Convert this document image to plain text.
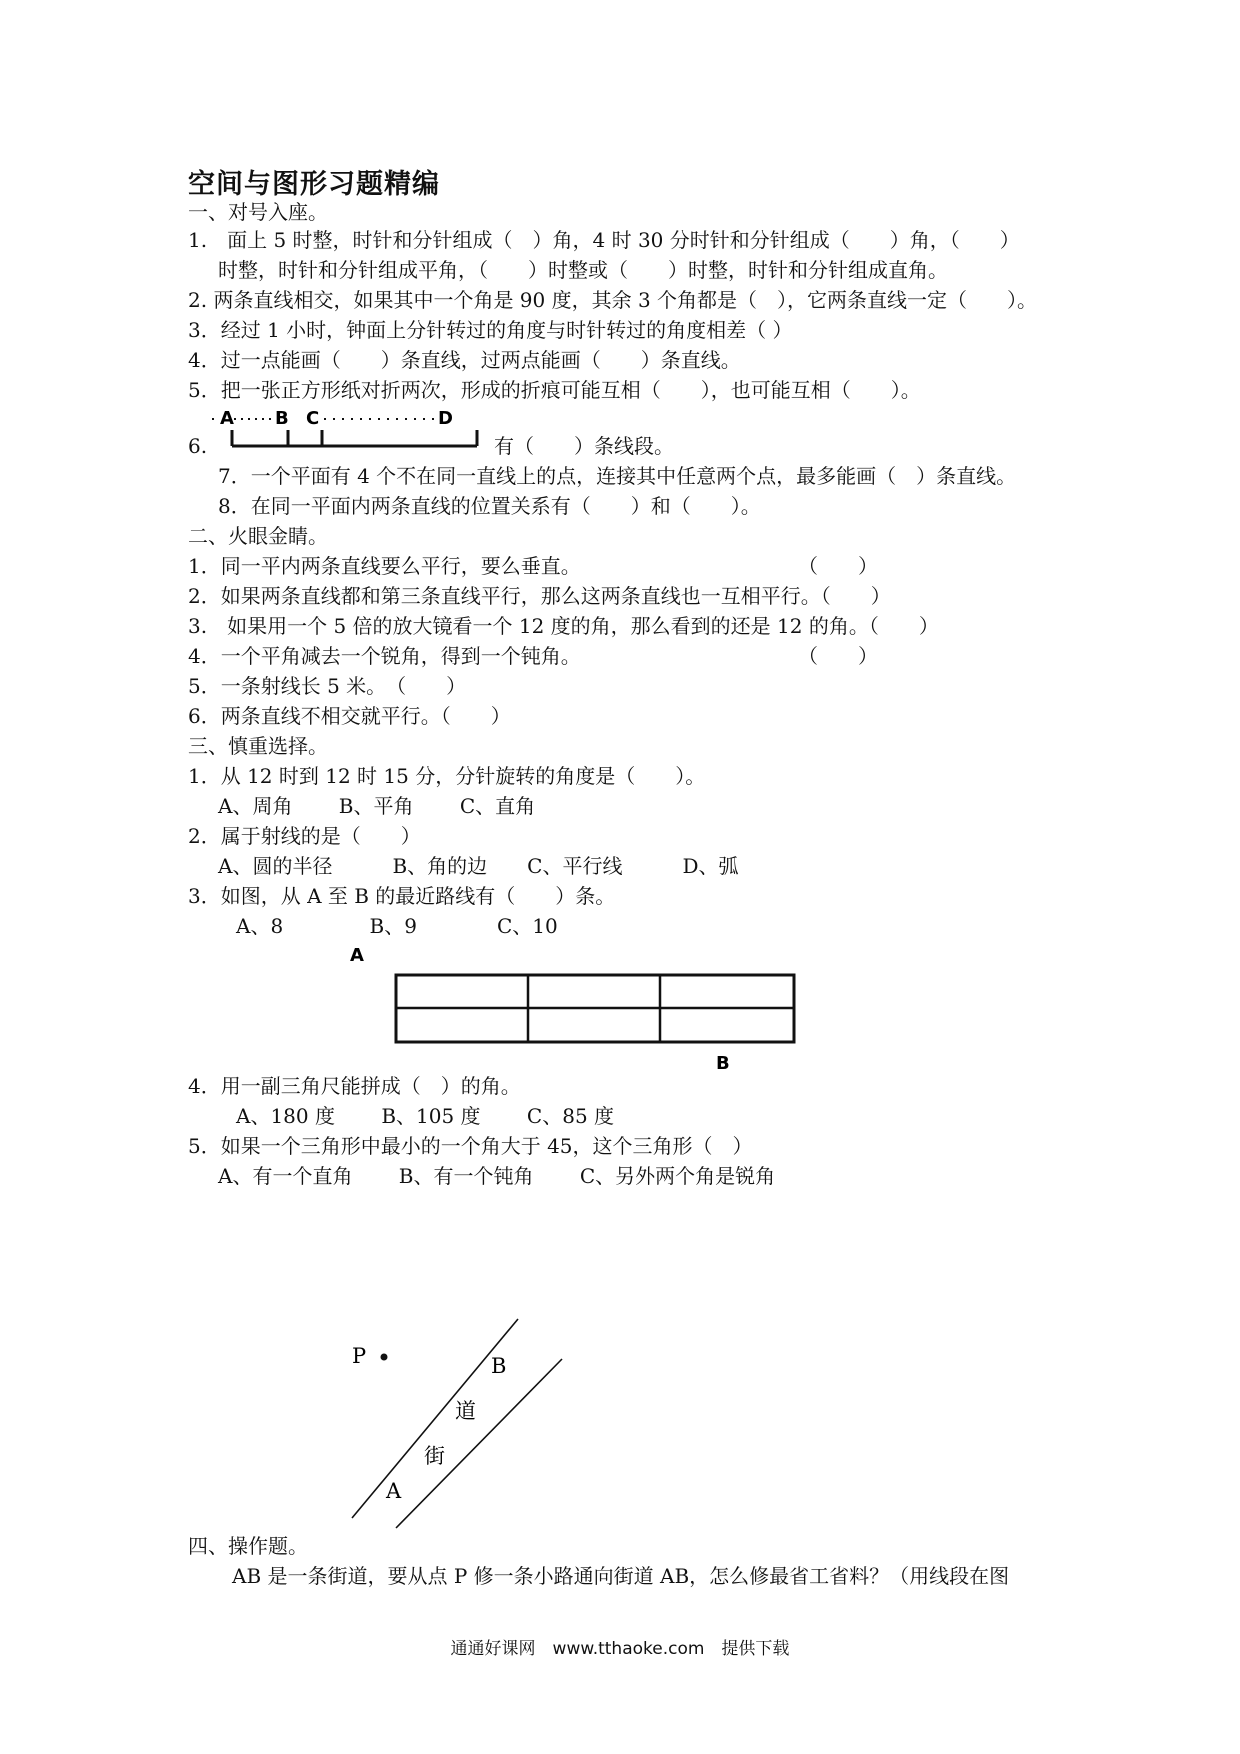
空间与图形习题精编
一、对号入座。
1.　面上 5 时整，时针和分针组成（　）角，4 时 30 分时针和分针组成（　　）角，（　　）
时整，时针和分针组成平角，（　　）时整或（　　）时整，时针和分针组成直角。
2. 两条直线相交，如果其中一个角是 90 度，其余 3 个角都是（　），它两条直线一定（　　）。
3．经过 1 小时，钟面上分针转过的角度与时针转过的角度相差（ ）
4．过一点能画（　　）条直线，过两点能画（　　）条直线。
5．把一张正方形纸对折两次，形成的折痕可能互相（　　），也可能互相（　　）。
A B C	D
6.	有（　　）条线段。
7．一个平面有 4 个不在同一直线上的点，连接其中任意两个点，最多能画（　）条直线。
8．在同一平面内两条直线的位置关系有（　　）和（　　）。
二、火眼金睛。
1．同一平内两条直线要么平行，要么垂直。	（　　）
2．如果两条直线都和第三条直线平行，那么这两条直线也一互相平行。（　　）
3.　如果用一个 5 倍的放大镜看一个 12 度的角，那么看到的还是 12 的角。（　　）
4．一个平角减去一个锐角，得到一个钝角。	（　　）
5．一条射线长 5 米。　（　　）
6．两条直线不相交就平行。（　　）
三、慎重选择。
1．从 12 时到 12 时 15 分，分针旋转的角度是（　　）。
A、周角　　 B、平角　　 C、直角
2．属于射线的是（　　）
A、圆的半径　　　B、角的边　　C、平行线　　　D、弧
3．如图，从 A 至 B 的最近路线有（　　）条。
A、8　　　　 B、9　　　　C、10
A
B
4．用一副三角尺能拼成（　）的角。
A、180 度　　 B、105 度　　 C、85 度
5．如果一个三角形中最小的一个角大于 45，这个三角形（　）
A、有一个直角　　 B、有一个钝角　　 C、另外两个角是锐角
P	B
道
街
A
四、操作题。
AB 是一条街道，要从点 P 修一条小路通向街道 AB，怎么修最省工省料？（用线段在图
通通好课网　www.tthaoke.com　提供下载
